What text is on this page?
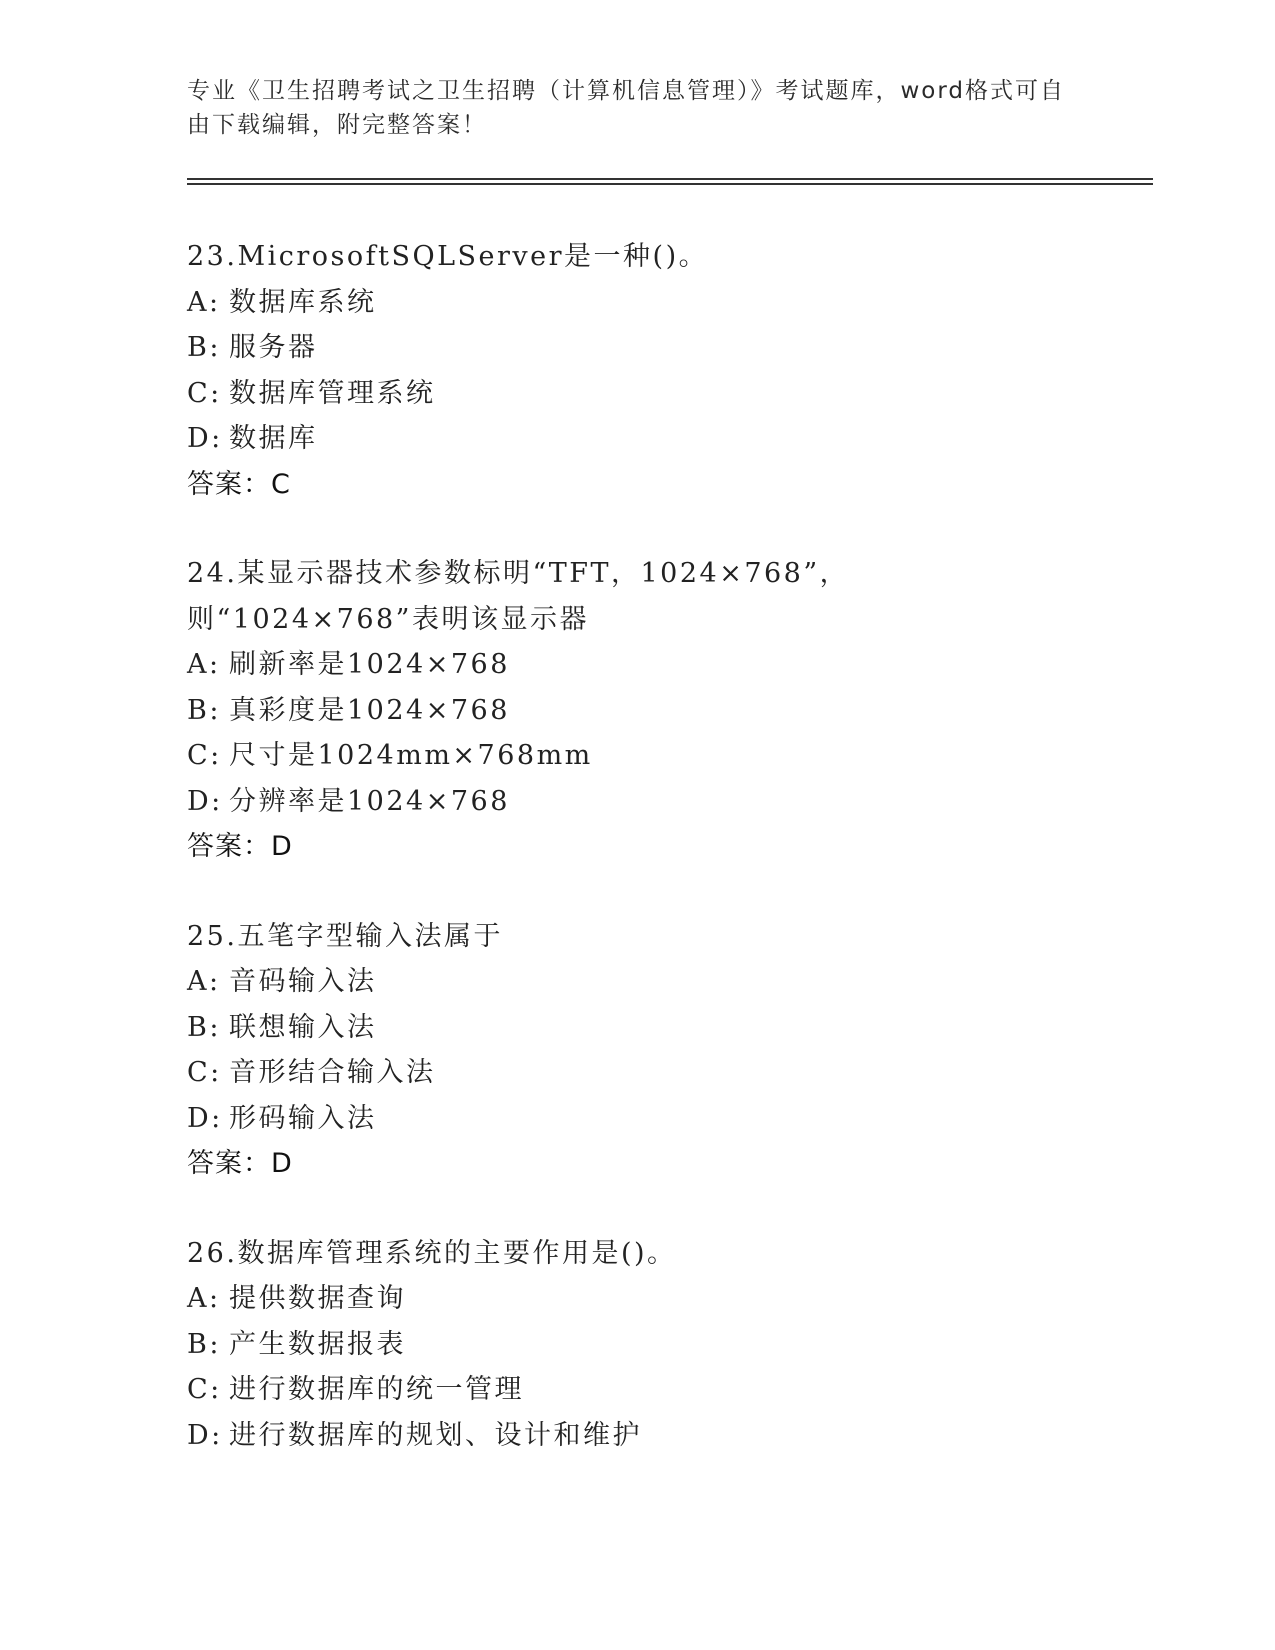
专业《卫生招聘考试之卫生招聘（计算机信息管理）》考试题库，word格式可自由下载编辑，附完整答案！
23.MicrosoftSQLServer是一种()。
A: 数据库系统
B: 服务器
C: 数据库管理系统
D: 数据库
答案：C
24.某显示器技术参数标明“TFT，1024×768”，则“1024×768”表明该显示器
A: 刷新率是1024×768
B: 真彩度是1024×768
C: 尺寸是1024mm×768mm
D: 分辨率是1024×768
答案：D
25.五笔字型输入法属于
A: 音码输入法
B: 联想输入法
C: 音形结合输入法
D: 形码输入法
答案：D
26.数据库管理系统的主要作用是()。
A: 提供数据查询
B: 产生数据报表
C: 进行数据库的统一管理
D: 进行数据库的规划、设计和维护
